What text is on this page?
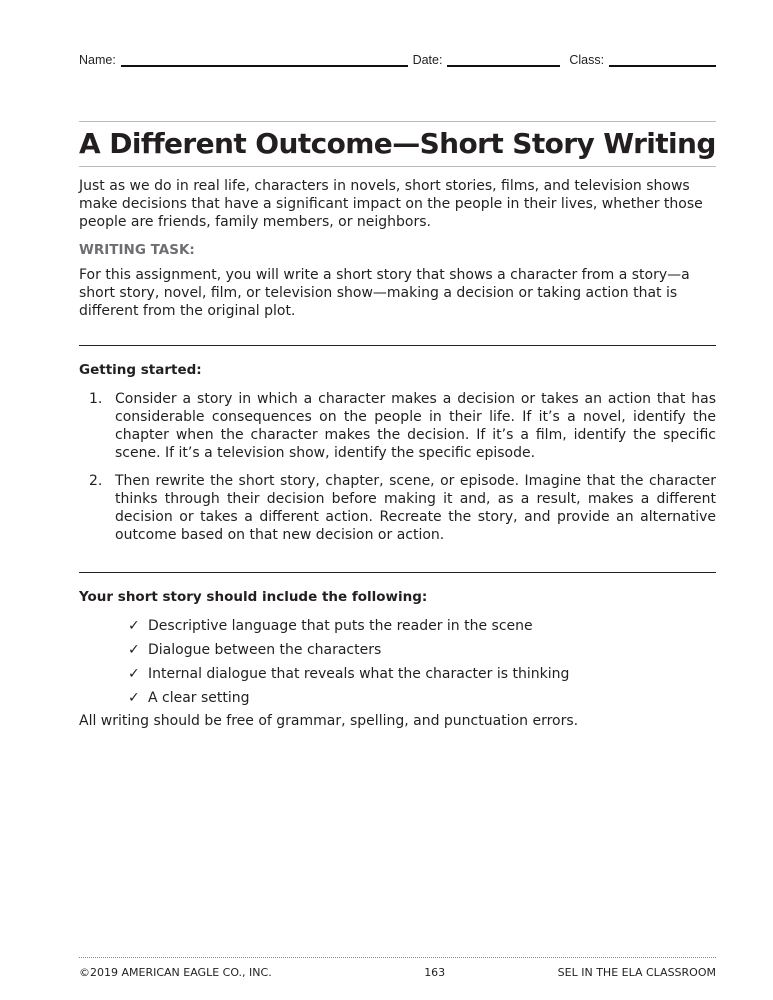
Name:	Date:	Class:
A Different Outcome—Short Story Writing

Just as we do in real life, characters in novels, short stories, films, and television shows make decisions that have a significant impact on the people in their lives, whether those people are friends, family members, or neighbors.

WRITING TASK:

For this assignment, you will write a short story that shows a character from a story—a short story, novel, film, or television show—making a decision or taking action that is different from the original plot.

Getting started:
1. Consider a story in which a character makes a decision or takes an action that has considerable consequences on the people in their life. If it’s a novel, identify the chapter when the character makes the decision. If it’s a film, identify the specific scene. If it’s a television show, identify the specific episode.
2. Then rewrite the short story, chapter, scene, or episode. Imagine that the character thinks through their decision before making it and, as a result, makes a different decision or takes a different action. Recreate the story, and provide an alternative outcome based on that new decision or action.
Your short story should include the following:
✓ Descriptive language that puts the reader in the scene
✓ Dialogue between the characters
✓ Internal dialogue that reveals what the character is thinking
✓ A clear setting

All writing should be free of grammar, spelling, and punctuation errors.

©2019 AMERICAN EAGLE CO., INC.	163	SEL IN THE ELA CLASSROOM
